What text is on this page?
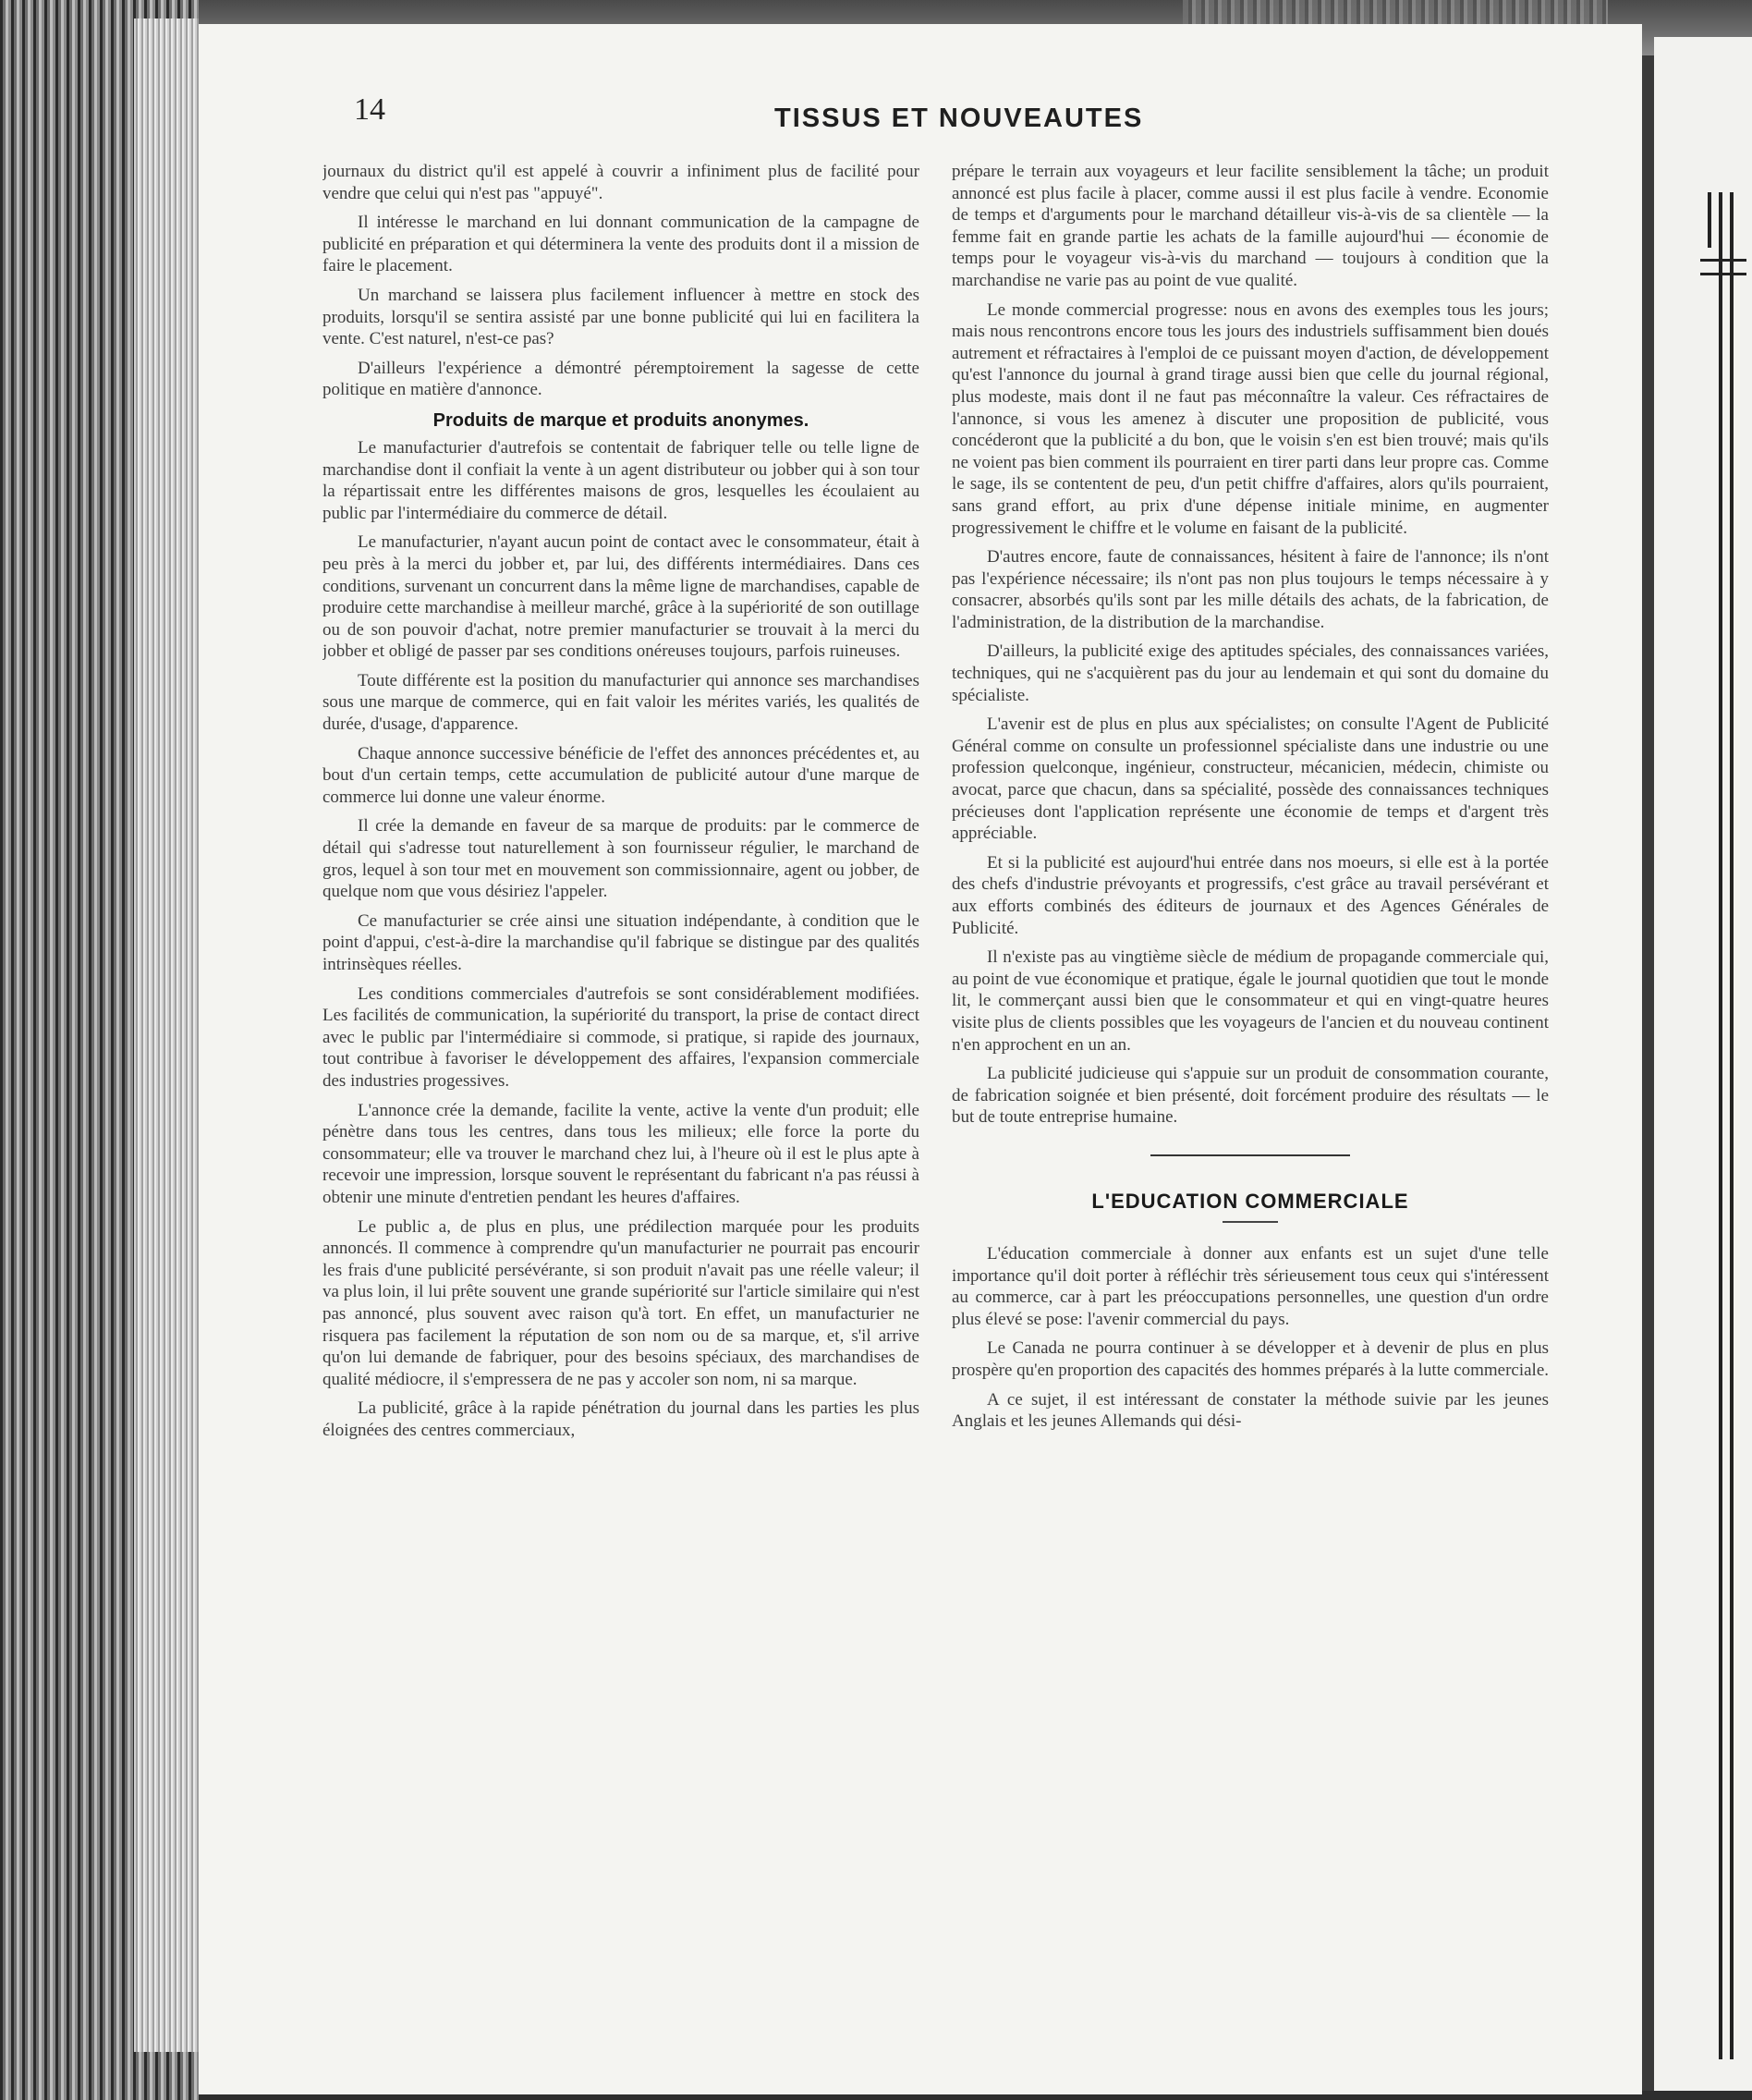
14	TISSUS ET NOUVEAUTES

journaux du district qu'il est appelé à couvrir a infiniment plus de facilité pour vendre que celui qui n'est pas "appuyé".

Il intéresse le marchand en lui donnant communication de la campagne de publicité en préparation et qui déterminera la vente des produits dont il a mission de faire le placement.

Un marchand se laissera plus facilement influencer à mettre en stock des produits, lorsqu'il se sentira assisté par une bonne publicité qui lui en facilitera la vente. C'est naturel, n'est-ce pas?

D'ailleurs l'expérience a démontré péremptoirement la sagesse de cette politique en matière d'annonce.

Produits de marque et produits anonymes.

Le manufacturier d'autrefois se contentait de fabriquer telle ou telle ligne de marchandise dont il confiait la vente à un agent distributeur ou jobber qui à son tour la répartissait entre les différentes maisons de gros, lesquelles les écoulaient au public par l'intermédiaire du commerce de détail.

Le manufacturier, n'ayant aucun point de contact avec le consommateur, était à peu près à la merci du jobber et, par lui, des différents intermédiaires. Dans ces conditions, survenant un concurrent dans la même ligne de marchandises, capable de produire cette marchandise à meilleur marché, grâce à la supériorité de son outillage ou de son pouvoir d'achat, notre premier manufacturier se trouvait à la merci du jobber et obligé de passer par ses conditions onéreuses toujours, parfois ruineuses.

Toute différente est la position du manufacturier qui annonce ses marchandises sous une marque de commerce, qui en fait valoir les mérites variés, les qualités de durée, d'usage, d'apparence.

Chaque annonce successive bénéficie de l'effet des annonces précédentes et, au bout d'un certain temps, cette accumulation de publicité autour d'une marque de commerce lui donne une valeur énorme.

Il crée la demande en faveur de sa marque de produits: par le commerce de détail qui s'adresse tout naturellement à son fournisseur régulier, le marchand de gros, lequel à son tour met en mouvement son commissionnaire, agent ou jobber, de quelque nom que vous désiriez l'appeler.

Ce manufacturier se crée ainsi une situation indépendante, à condition que le point d'appui, c'est-à-dire la marchandise qu'il fabrique se distingue par des qualités intrinsèques réelles.

Les conditions commerciales d'autrefois se sont considérablement modifiées. Les facilités de communication, la supériorité du transport, la prise de contact direct avec le public par l'intermédiaire si commode, si pratique, si rapide des journaux, tout contribue à favoriser le développement des affaires, l'expansion commerciale des industries progessives.

L'annonce crée la demande, facilite la vente, active la vente d'un produit; elle pénètre dans tous les centres, dans tous les milieux; elle force la porte du consommateur; elle va trouver le marchand chez lui, à l'heure où il est le plus apte à recevoir une impression, lorsque souvent le représentant du fabricant n'a pas réussi à obtenir une minute d'entretien pendant les heures d'affaires.

Le public a, de plus en plus, une prédilection marquée pour les produits annoncés. Il commence à comprendre qu'un manufacturier ne pourrait pas encourir les frais d'une publicité persévérante, si son produit n'avait pas une réelle valeur; il va plus loin, il lui prête souvent une grande supériorité sur l'article similaire qui n'est pas annoncé, plus souvent avec raison qu'à tort. En effet, un manufacturier ne risquera pas facilement la réputation de son nom ou de sa marque, et, s'il arrive qu'on lui demande de fabriquer, pour des besoins spéciaux, des marchandises de qualité médiocre, il s'empressera de ne pas y accoler son nom, ni sa marque.

La publicité, grâce à la rapide pénétration du journal dans les parties les plus éloignées des centres commerciaux,

prépare le terrain aux voyageurs et leur facilite sensiblement la tâche; un produit annoncé est plus facile à placer, comme aussi il est plus facile à vendre. Economie de temps et d'arguments pour le marchand détailleur vis-à-vis de sa clientèle — la femme fait en grande partie les achats de la famille aujourd'hui — économie de temps pour le voyageur vis-à-vis du marchand — toujours à condition que la marchandise ne varie pas au point de vue qualité.

Le monde commercial progresse: nous en avons des exemples tous les jours; mais nous rencontrons encore tous les jours des industriels suffisamment bien doués autrement et réfractaires à l'emploi de ce puissant moyen d'action, de développement qu'est l'annonce du journal à grand tirage aussi bien que celle du journal régional, plus modeste, mais dont il ne faut pas méconnaître la valeur. Ces réfractaires de l'annonce, si vous les amenez à discuter une proposition de publicité, vous concéderont que la publicité a du bon, que le voisin s'en est bien trouvé; mais qu'ils ne voient pas bien comment ils pourraient en tirer parti dans leur propre cas. Comme le sage, ils se contentent de peu, d'un petit chiffre d'affaires, alors qu'ils pourraient, sans grand effort, au prix d'une dépense initiale minime, en augmenter progressivement le chiffre et le volume en faisant de la publicité.

D'autres encore, faute de connaissances, hésitent à faire de l'annonce; ils n'ont pas l'expérience nécessaire; ils n'ont pas non plus toujours le temps nécessaire à y consacrer, absorbés qu'ils sont par les mille détails des achats, de la fabrication, de l'administration, de la distribution de la marchandise.

D'ailleurs, la publicité exige des aptitudes spéciales, des connaissances variées, techniques, qui ne s'acquièrent pas du jour au lendemain et qui sont du domaine du spécialiste.

L'avenir est de plus en plus aux spécialistes; on consulte l'Agent de Publicité Général comme on consulte un professionnel spécialiste dans une industrie ou une profession quelconque, ingénieur, constructeur, mécanicien, médecin, chimiste ou avocat, parce que chacun, dans sa spécialité, possède des connaissances techniques précieuses dont l'application représente une économie de temps et d'argent très appréciable.

Et si la publicité est aujourd'hui entrée dans nos moeurs, si elle est à la portée des chefs d'industrie prévoyants et progressifs, c'est grâce au travail persévérant et aux efforts combinés des éditeurs de journaux et des Agences Générales de Publicité.

Il n'existe pas au vingtième siècle de médium de propagande commerciale qui, au point de vue économique et pratique, égale le journal quotidien que tout le monde lit, le commerçant aussi bien que le consommateur et qui en vingt-quatre heures visite plus de clients possibles que les voyageurs de l'ancien et du nouveau continent n'en approchent en un an.

La publicité judicieuse qui s'appuie sur un produit de consommation courante, de fabrication soignée et bien présenté, doit forcément produire des résultats — le but de toute entreprise humaine.

L'EDUCATION COMMERCIALE

L'éducation commerciale à donner aux enfants est un sujet d'une telle importance qu'il doit porter à réfléchir très sérieusement tous ceux qui s'intéressent au commerce, car à part les préoccupations personnelles, une question d'un ordre plus élevé se pose: l'avenir commercial du pays.

Le Canada ne pourra continuer à se développer et à devenir de plus en plus prospère qu'en proportion des capacités des hommes préparés à la lutte commerciale.

A ce sujet, il est intéressant de constater la méthode suivie par les jeunes Anglais et les jeunes Allemands qui dési-
